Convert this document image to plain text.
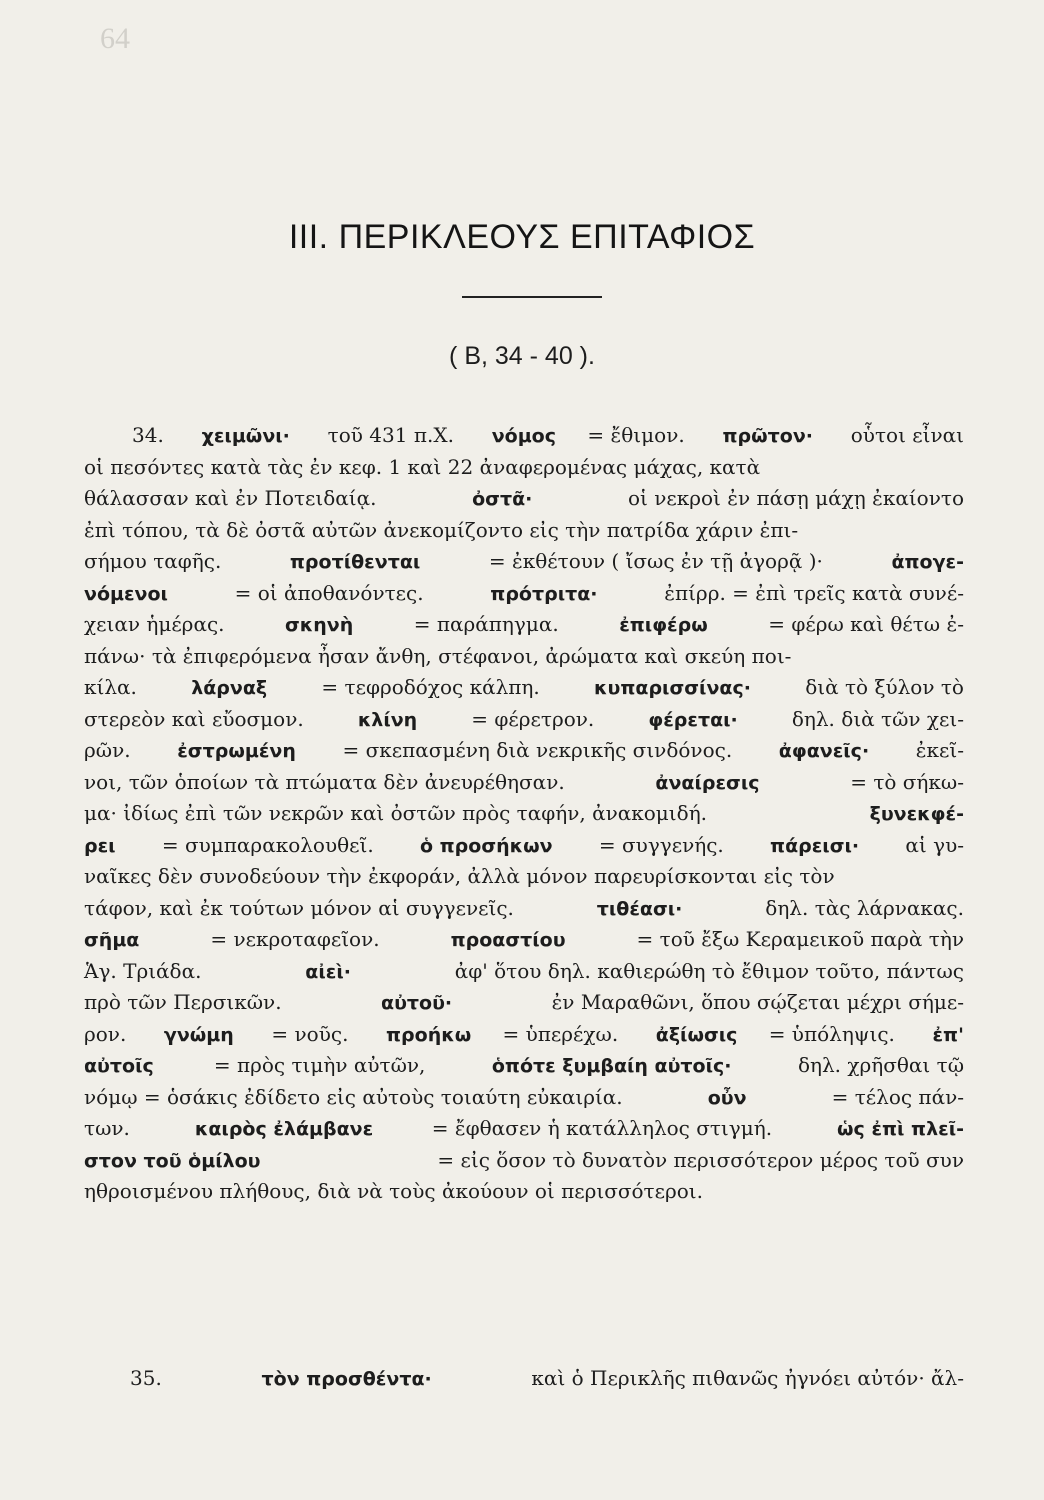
64
III. ΠΕΡΙΚΛΕΟΥΣ ΕΠΙΤΑΦΙΟΣ
( Β, 34 - 40 ).
34. χειμῶνι· τοῦ 431 π.Χ. νόμος = ἔθιμον. πρῶτον· οὗτοι εἶναι
οἱ πεσόντες κατὰ τὰς ἐν κεφ. 1 καὶ 22 ἀναφερομένας μάχας, κατὰ
θάλασσαν καὶ ἐν Ποτειδαίᾳ.	ὀστᾶ·	οἱ νεκροὶ ἐν πάσῃ μάχῃ ἐκαίοντο
ἐπὶ τόπου, τὰ δὲ ὀστᾶ αὐτῶν ἀνεκομίζοντο εἰς τὴν πατρίδα χάριν ἐπι-
σήμου ταφῆς.	προτίθενται	= ἐκθέτουν ( ἴσως ἐν τῇ ἀγορᾷ )·	ἀπογε-
νόμενοι	= οἱ ἀποθανόντες.	πρότριτα·	ἐπίρρ. = ἐπὶ τρεῖς κατὰ συνέ-
χειαν ἡμέρας.	σκηνὴ	= παράπηγμα.	ἐπιφέρω	= φέρω καὶ θέτω ἐ-
πάνω· τὰ ἐπιφερόμενα ἦσαν ἄνθη, στέφανοι, ἀρώματα καὶ σκεύη ποι-
κίλα.	λάρναξ = τεφροδόχος κάλπη.	κυπαρισσίνας· διὰ τὸ ξύλον τὸ
στερεὸν καὶ εὔοσμον.	κλίνη = φέρετρον.	φέρεται· δηλ. διὰ τῶν χει-
ρῶν. ἐστρωμένη = σκεπασμένη διὰ νεκρικῆς σινδόνος. ἀφανεῖς· ἐκεῖ-
νοι, τῶν ὁποίων τὰ πτώματα δὲν ἀνευρέθησαν.	ἀναίρεσις	= τὸ σήκω-
μα· ἰδίως ἐπὶ τῶν νεκρῶν καὶ ὀστῶν πρὸς ταφήν, ἀνακομιδή.	ξυνεκφέ-
ρει = συμπαρακολουθεῖ. ὁ προσήκων = συγγενής. πάρεισι· αἱ γυ-
ναῖκες δὲν συνοδεύουν τὴν ἐκφοράν, ἀλλὰ μόνον παρευρίσκονται εἰς τὸν
τάφον, καὶ ἐκ τούτων μόνον αἱ συγγενεῖς.	τιθέασι·	δηλ. τὰς λάρνακας.
σῆμα	= νεκροταφεῖον.	προαστίου	= τοῦ ἔξω Κεραμεικοῦ παρὰ τὴν
Ἁγ. Τριάδα.	αἰεὶ·	ἀφ' ὅτου δηλ. καθιερώθη τὸ ἔθιμον τοῦτο, πάντως
πρὸ τῶν Περσικῶν.	αὐτοῦ·	ἐν Μαραθῶνι, ὅπου σῴζεται μέχρι σήμε-
ρον. γνώμη = νοῦς. προήκω = ὑπερέχω. ἀξίωσις = ὑπόληψις. ἐπ'
αὐτοῖς	= πρὸς τιμὴν αὐτῶν,	ὁπότε ξυμβαίη αὐτοῖς·	δηλ. χρῆσθαι τῷ
νόμῳ = ὁσάκις ἐδίδετο εἰς αὐτοὺς τοιαύτη εὐκαιρία.	οὖν	= τέλος πάν-
των.	καιρὸς ἐλάμβανε	= ἔφθασεν ἡ κατάλληλος στιγμή.	ὡς ἐπὶ πλεῖ-
στον τοῦ ὁμίλου	= εἰς ὅσον τὸ δυνατὸν περισσότερον μέρος τοῦ συν
ηθροισμένου πλήθους, διὰ νὰ τοὺς ἀκούουν οἱ περισσότεροι.
35.	τὸν προσθέντα·	καὶ ὁ Περικλῆς πιθανῶς ἠγνόει αὐτόν· ἄλ-
